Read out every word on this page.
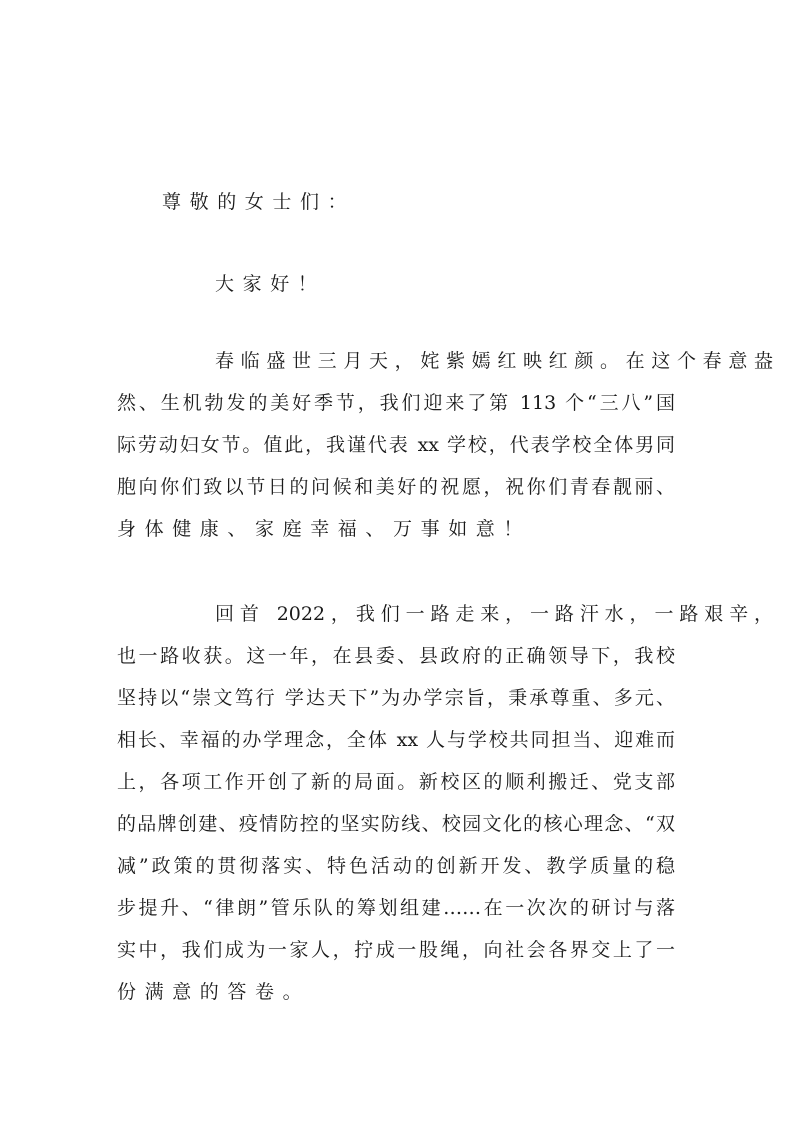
尊敬的女士们：
大家好！
春临盛世三月天，姹紫嫣红映红颜。在这个春意盎
然、生机勃发的美好季节，我们迎来了第 113 个“三八”国
际劳动妇女节。值此，我谨代表 xx 学校，代表学校全体男同
胞向你们致以节日的问候和美好的祝愿，祝你们青春靓丽、
身体健康、家庭幸福、万事如意！
回首 2022，我们一路走来，一路汗水，一路艰辛，
也一路收获。这一年，在县委、县政府的正确领导下，我校
坚持以“崇文笃行 学达天下”为办学宗旨，秉承尊重、多元、
相长、幸福的办学理念，全体 xx 人与学校共同担当、迎难而
上，各项工作开创了新的局面。新校区的顺利搬迁、党支部
的品牌创建、疫情防控的坚实防线、校园文化的核心理念、“双
减”政策的贯彻落实、特色活动的创新开发、教学质量的稳
步提升、“律朗”管乐队的筹划组建……在一次次的研讨与落
实中，我们成为一家人，拧成一股绳，向社会各界交上了一
份满意的答卷。
